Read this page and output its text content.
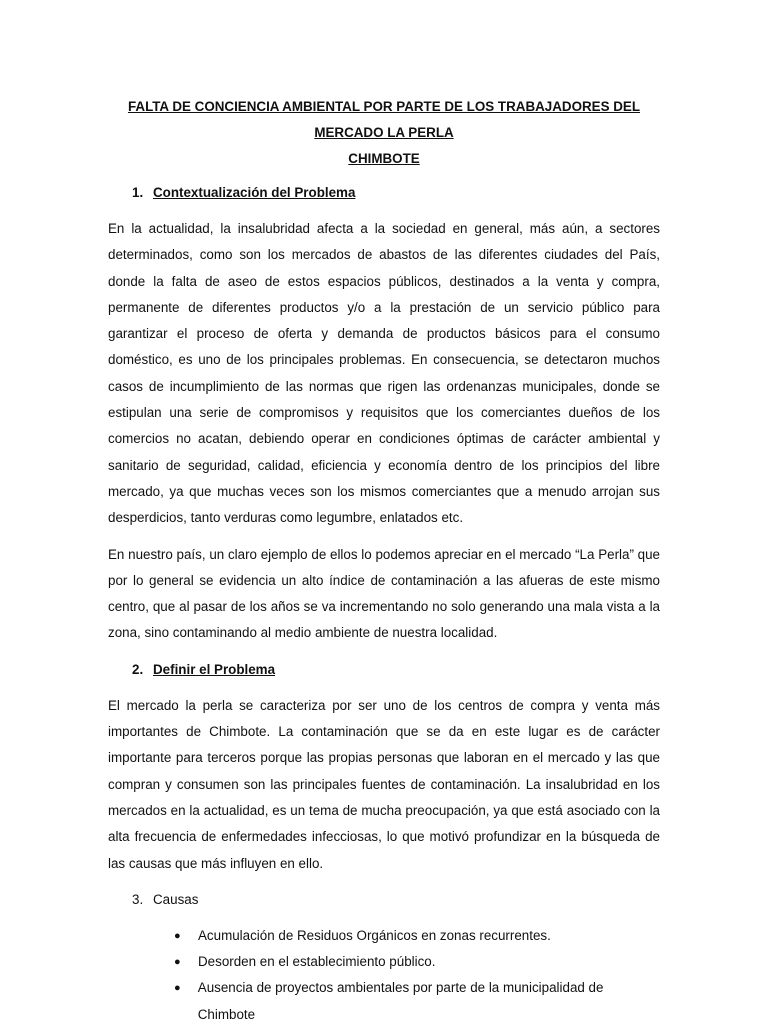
FALTA DE CONCIENCIA AMBIENTAL POR PARTE DE LOS TRABAJADORES DEL MERCADO LA PERLA
CHIMBOTE
1. Contextualización del Problema

En la actualidad, la insalubridad afecta a la sociedad en general, más aún, a sectores determinados, como son los mercados de abastos de las diferentes ciudades del País, donde la falta de aseo de estos espacios públicos, destinados a la venta y compra, permanente de diferentes productos y/o a la prestación de un servicio público para garantizar el proceso de oferta y demanda de productos básicos para el consumo doméstico, es uno de los principales problemas. En consecuencia, se detectaron muchos casos de incumplimiento de las normas que rigen las ordenanzas municipales, donde se estipulan una serie de compromisos y requisitos que los comerciantes dueños de los comercios no acatan, debiendo operar en condiciones óptimas de carácter ambiental y sanitario de seguridad, calidad, eficiencia y economía dentro de los principios del libre mercado, ya que muchas veces son los mismos comerciantes que a menudo arrojan sus desperdicios, tanto verduras como legumbre, enlatados etc.

En nuestro país, un claro ejemplo de ellos lo podemos apreciar en el mercado “La Perla” que por lo general se evidencia un alto índice de contaminación a las afueras de este mismo centro, que al pasar de los años se va incrementando no solo generando una mala vista a la zona, sino contaminando al medio ambiente de nuestra localidad.

2. Definir el Problema

El mercado la perla se caracteriza por ser uno de los centros de compra y venta más importantes de Chimbote. La contaminación que se da en este lugar es de carácter importante para terceros porque las propias personas que laboran en el mercado y las que compran y consumen son las principales fuentes de contaminación. La insalubridad en los mercados en la actualidad, es un tema de mucha preocupación, ya que está asociado con la alta frecuencia de enfermedades infecciosas, lo que motivó profundizar en la búsqueda de las causas que más influyen en ello.

3. Causas
●	Acumulación de Residuos Orgánicos en zonas recurrentes.
●	Desorden en el establecimiento público.
●	Ausencia de proyectos ambientales por parte de la municipalidad de Chimbote
